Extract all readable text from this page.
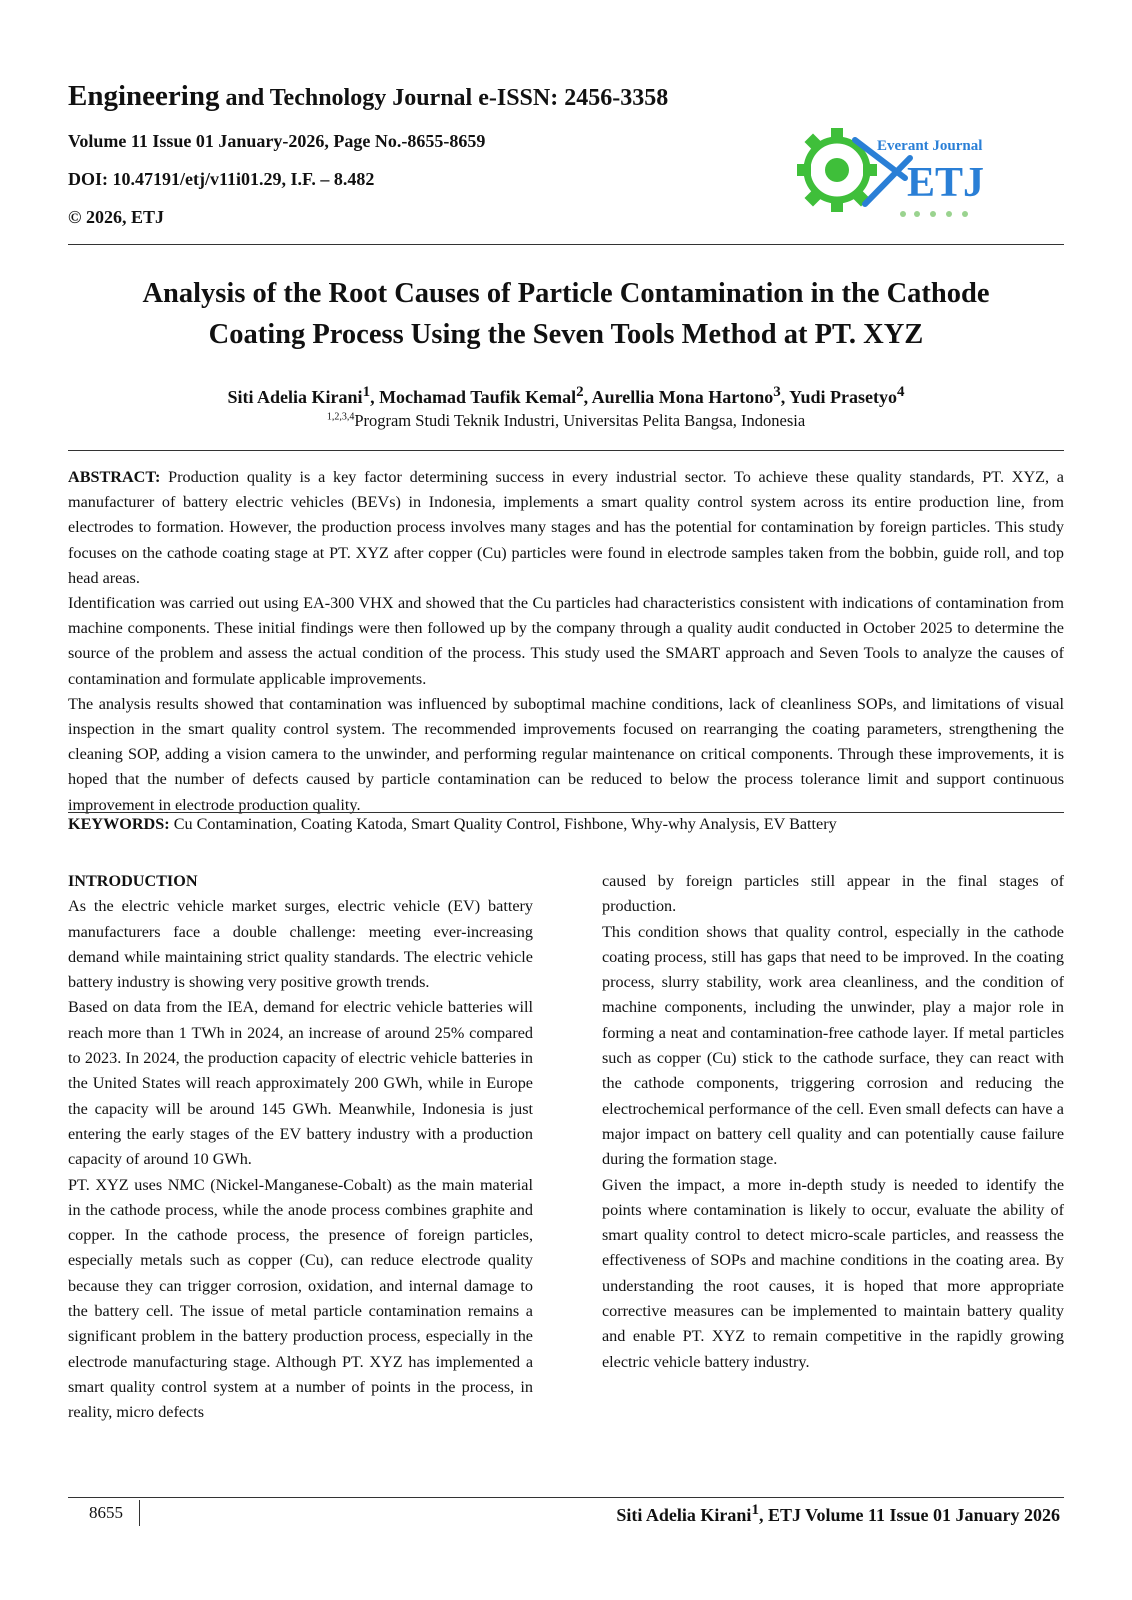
Engineering and Technology Journal e-ISSN: 2456-3358
Volume 11 Issue 01 January-2026, Page No.-8655-8659
DOI: 10.47191/etj/v11i01.29, I.F. – 8.482
© 2026, ETJ
Everant Journal
ETJ
Analysis of the Root Causes of Particle Contamination in the Cathode
Coating Process Using the Seven Tools Method at PT. XYZ
Siti Adelia Kirani$^1$, Mochamad Taufik Kemal$^2$, Aurellia Mona Hartono$^3$, Yudi Prasetyo$^4$
$^{1,2,3,4}$Program Studi Teknik Industri, Universitas Pelita Bangsa, Indonesia

ABSTRACT: Production quality is a key factor determining success in every industrial sector. To achieve these quality standards, PT. XYZ, a manufacturer of battery electric vehicles (BEVs) in Indonesia, implements a smart quality control system across its entire production line, from electrodes to formation. However, the production process involves many stages and has the potential for contamination by foreign particles. This study focuses on the cathode coating stage at PT. XYZ after copper (Cu) particles were found in electrode samples taken from the bobbin, guide roll, and top head areas.

Identification was carried out using EA-300 VHX and showed that the Cu particles had characteristics consistent with indications of contamination from machine components. These initial findings were then followed up by the company through a quality audit conducted in October 2025 to determine the source of the problem and assess the actual condition of the process. This study used the SMART approach and Seven Tools to analyze the causes of contamination and formulate applicable improvements.

The analysis results showed that contamination was influenced by suboptimal machine conditions, lack of cleanliness SOPs, and limitations of visual inspection in the smart quality control system. The recommended improvements focused on rearranging the coating parameters, strengthening the cleaning SOP, adding a vision camera to the unwinder, and performing regular maintenance on critical components. Through these improvements, it is hoped that the number of defects caused by particle contamination can be reduced to below the process tolerance limit and support continuous improvement in electrode production quality.

KEYWORDS: Cu Contamination, Coating Katoda, Smart Quality Control, Fishbone, Why-why Analysis, EV Battery

INTRODUCTION

As the electric vehicle market surges, electric vehicle (EV) battery manufacturers face a double challenge: meeting ever-increasing demand while maintaining strict quality standards. The electric vehicle battery industry is showing very positive growth trends.

Based on data from the IEA, demand for electric vehicle batteries will reach more than 1 TWh in 2024, an increase of around 25% compared to 2023. In 2024, the production capacity of electric vehicle batteries in the United States will reach approximately 200 GWh, while in Europe the capacity will be around 145 GWh. Meanwhile, Indonesia is just entering the early stages of the EV battery industry with a production capacity of around 10 GWh.

PT. XYZ uses NMC (Nickel-Manganese-Cobalt) as the main material in the cathode process, while the anode process combines graphite and copper. In the cathode process, the presence of foreign particles, especially metals such as copper (Cu), can reduce electrode quality because they can trigger corrosion, oxidation, and internal damage to the battery cell. The issue of metal particle contamination remains a significant problem in the battery production process, especially in the electrode manufacturing stage. Although PT. XYZ has implemented a smart quality control system at a number of points in the process, in reality, micro defects

caused by foreign particles still appear in the final stages of production.

This condition shows that quality control, especially in the cathode coating process, still has gaps that need to be improved. In the coating process, slurry stability, work area cleanliness, and the condition of machine components, including the unwinder, play a major role in forming a neat and contamination-free cathode layer. If metal particles such as copper (Cu) stick to the cathode surface, they can react with the cathode components, triggering corrosion and reducing the electrochemical performance of the cell. Even small defects can have a major impact on battery cell quality and can potentially cause failure during the formation stage.

Given the impact, a more in-depth study is needed to identify the points where contamination is likely to occur, evaluate the ability of smart quality control to detect micro-scale particles, and reassess the effectiveness of SOPs and machine conditions in the coating area. By understanding the root causes, it is hoped that more appropriate corrective measures can be implemented to maintain battery quality and enable PT. XYZ to remain competitive in the rapidly growing electric vehicle battery industry.

8655	Siti Adelia Kirani$^1$, ETJ Volume 11 Issue 01 January 2026
